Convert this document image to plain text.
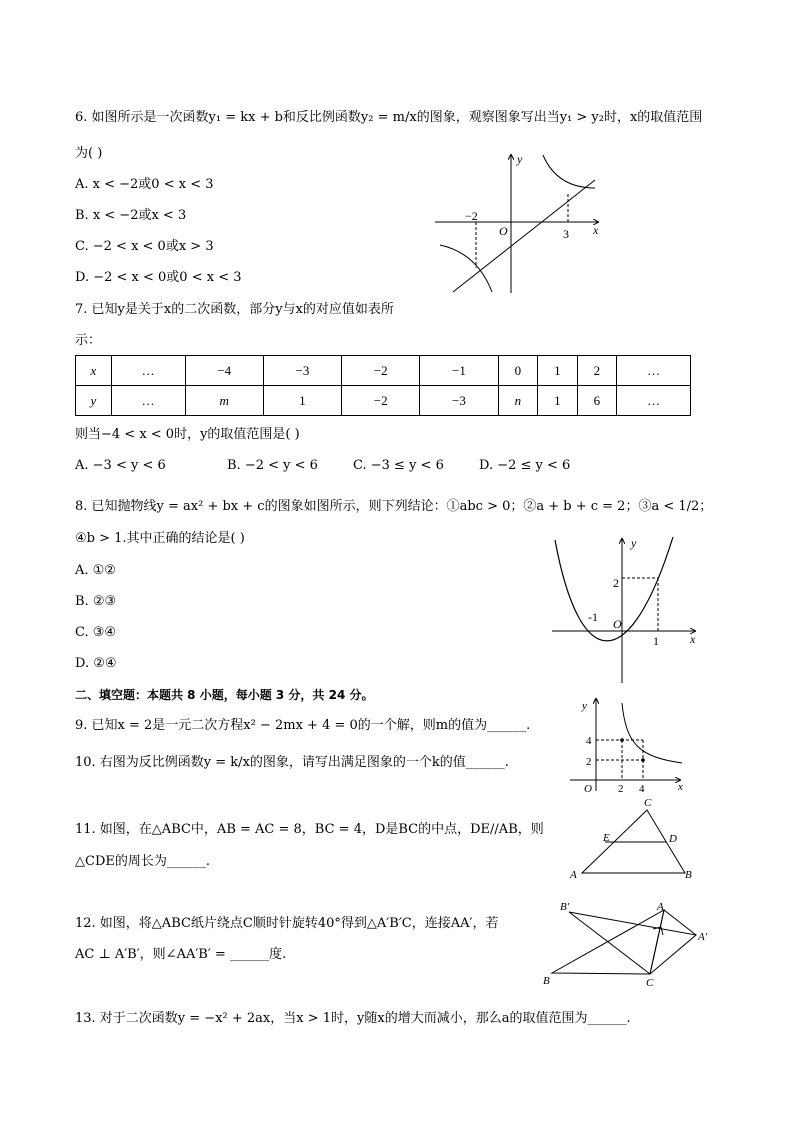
6. 如图所示是一次函数y₁ = kx + b和反比例函数y₂ = m/x的图象，观察图象写出当y₁ > y₂时，x的取值范围
为( )
A. x < −2或0 < x < 3
B. x < −2或x < 3
C. −2 < x < 0或x > 3
D. −2 < x < 0或0 < x < 3
y
x
O
−2
3
7. 已知y是关于x的二次函数，部分y与x的对应值如表所
示：
x	…	−4	−3	−2	−1	0	1	2	…
y	…	m	1	−2	−3	n	1	6	…
则当−4 < x < 0时，y的取值范围是( )
A. −3 < y < 6	B. −2 < y < 6	C. −3 ≤ y < 6	D. −2 ≤ y < 6
8. 已知抛物线y = ax² + bx + c的图象如图所示，则下列结论：①abc > 0；②a + b + c = 2；③a < 1/2；
④b > 1.其中正确的结论是( )
A. ①②
B. ②③
C. ③④
D. ②④
y
x
O
-1
1
2
二、填空题：本题共 8 小题，每小题 3 分，共 24 分。
9. 已知x = 2是一元二次方程x² − 2mx + 4 = 0的一个解，则m的值为______.
y
x
O
4
2
2 4
10. 右图为反比例函数y = k/x的图象，请写出满足图象的一个k的值______.
11. 如图，在△ABC中，AB = AC = 8，BC = 4，D是BC的中点，DE//AB，则
△CDE的周长为______.
C
A	B
D
E
12. 如图，将△ABC纸片绕点C顺时针旋转40°得到△A′B′C，连接AA′，若
AC ⊥ A′B′，则∠AA′B′ = ______度.
B′	A
A′
B	C
13. 对于二次函数y = −x² + 2ax，当x > 1时，y随x的增大而减小，那么a的取值范围为______.
